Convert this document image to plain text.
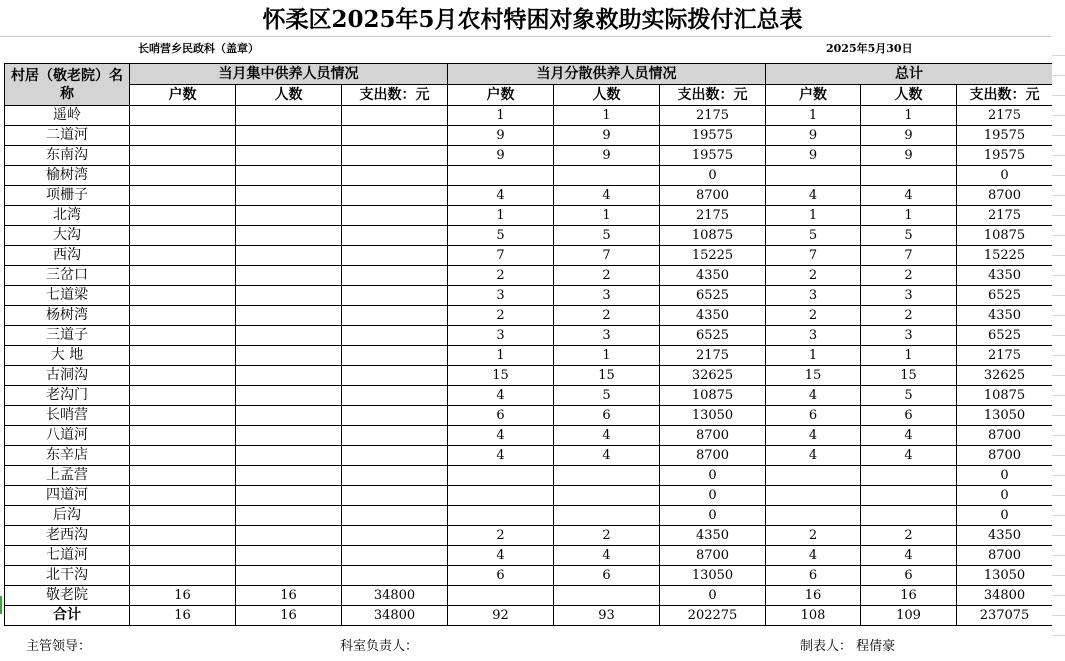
怀柔区2025年5月农村特困对象救助实际拨付汇总表
长哨营乡民政科（盖章）	2025年5月30日
村居（敬老院）名称	当月集中供养人员情况			当月分散供养人员情况			总计		
	户数	人数	支出数：元	户数	人数	支出数：元	户数	人数	支出数：元
遥岭				1	1	2175	1	1	2175
二道河				9	9	19575	9	9	19575
东南沟				9	9	19575	9	9	19575
榆树湾						0			0
项栅子				4	4	8700	4	4	8700
北湾				1	1	2175	1	1	2175
大沟				5	5	10875	5	5	10875
西沟				7	7	15225	7	7	15225
三岔口				2	2	4350	2	2	4350
七道梁				3	3	6525	3	3	6525
杨树湾				2	2	4350	2	2	4350
三道子				3	3	6525	3	3	6525
大 地				1	1	2175	1	1	2175
古洞沟				15	15	32625	15	15	32625
老沟门				4	5	10875	4	5	10875
长哨营				6	6	13050	6	6	13050
八道河				4	4	8700	4	4	8700
东辛店				4	4	8700	4	4	8700
上孟营						0			0
四道河						0			0
后沟						0			0
老西沟				2	2	4350	2	2	4350
七道河				4	4	8700	4	4	8700
北干沟				6	6	13050	6	6	13050
敬老院	16	16	34800			0	16	16	34800
合计	16	16	34800	92	93	202275	108	109	237075
主管领导：	科室负责人：	制表人： 程倩豪
